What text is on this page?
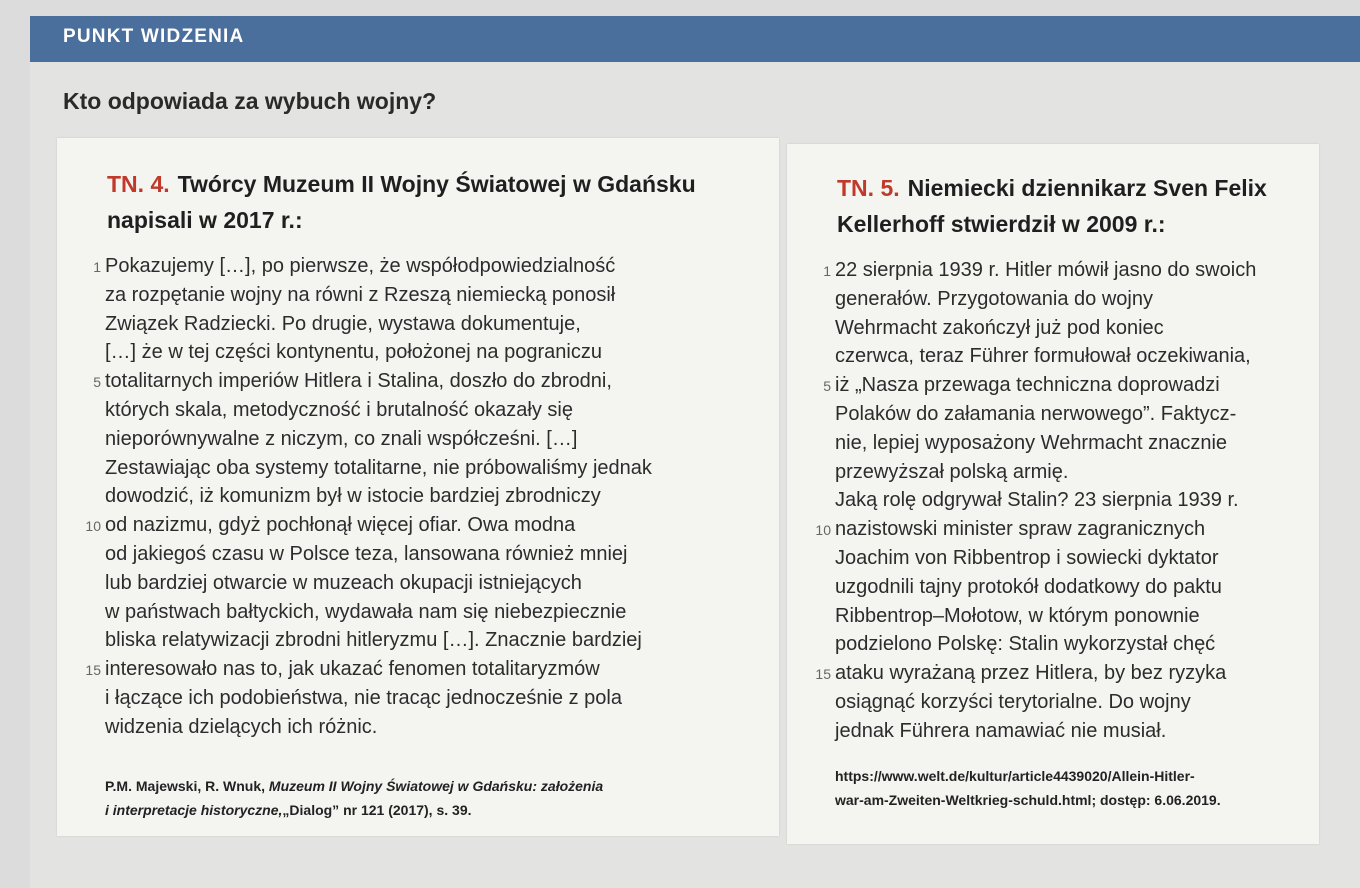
PUNKT WIDZENIA
Kto odpowiada za wybuch wojny?
TN. 4. Twórcy Muzeum II Wojny Światowej w Gdańsku
napisali w 2017 r.:
1 Pokazujemy […], po pierwsze, że współodpowiedzialność
za rozpętanie wojny na równi z Rzeszą niemiecką ponosił
Związek Radziecki. Po drugie, wystawa dokumentuje,
[…] że w tej części kontynentu, położonej na pograniczu
5 totalitarnych imperiów Hitlera i Stalina, doszło do zbrodni,
których skala, metodyczność i brutalność okazały się
nieporównywalne z niczym, co znali współcześni. […]
Zestawiając oba systemy totalitarne, nie próbowaliśmy jednak
dowodzić, iż komunizm był w istocie bardziej zbrodniczy
10 od nazizmu, gdyż pochłonął więcej ofiar. Owa modna
od jakiegoś czasu w Polsce teza, lansowana również mniej
lub bardziej otwarcie w muzeach okupacji istniejących
w państwach bałtyckich, wydawała nam się niebezpiecznie
bliska relatywizacji zbrodni hitleryzmu […]. Znacznie bardziej
15 interesowało nas to, jak ukazać fenomen totalitaryzmów
i łączące ich podobieństwa, nie tracąc jednocześnie z pola
widzenia dzielących ich różnic.
P.M. Majewski, R. Wnuk, Muzeum II Wojny Światowej w Gdańsku: założenia
i interpretacje historyczne,„Dialog” nr 121 (2017), s. 39.
TN. 5. Niemiecki dziennikarz Sven Felix
Kellerhoff stwierdził w 2009 r.:
1 22 sierpnia 1939 r. Hitler mówił jasno do swoich
generałów. Przygotowania do wojny
Wehrmacht zakończył już pod koniec
czerwca, teraz Führer formułował oczekiwania,
5 iż „Nasza przewaga techniczna doprowadzi
Polaków do załamania nerwowego”. Faktycz-
nie, lepiej wyposażony Wehrmacht znacznie
przewyższał polską armię.
Jaką rolę odgrywał Stalin? 23 sierpnia 1939 r.
10 nazistowski minister spraw zagranicznych
Joachim von Ribbentrop i sowiecki dyktator
uzgodnili tajny protokół dodatkowy do paktu
Ribbentrop–Mołotow, w którym ponownie
podzielono Polskę: Stalin wykorzystał chęć
15 ataku wyrażaną przez Hitlera, by bez ryzyka
osiągnąć korzyści terytorialne. Do wojny
jednak Führera namawiać nie musiał.
https://www.welt.de/kultur/article4439020/Allein-Hitler-
war-am-Zweiten-Weltkrieg-schuld.html; dostęp: 6.06.2019.
